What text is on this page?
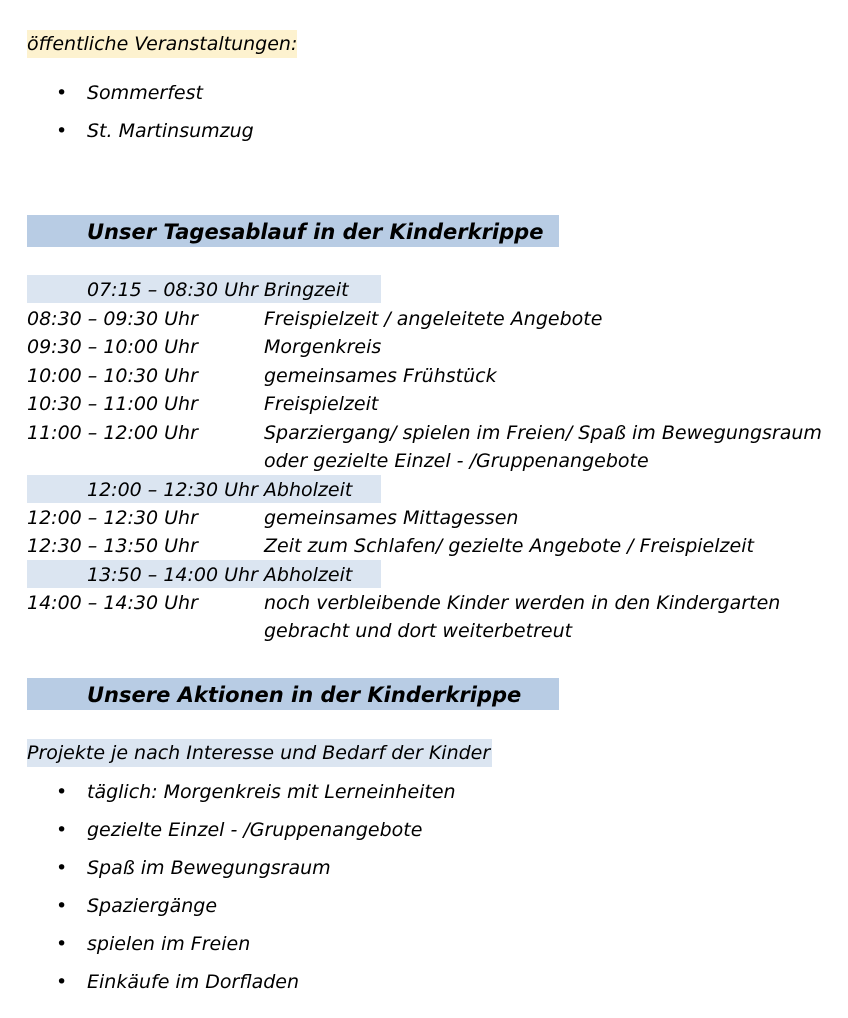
öffentliche Veranstaltungen:
• Sommerfest
• St. Martinsumzug
Unser Tagesablauf in der Kinderkrippe
07:15 – 08:30 Uhr Bringzeit
08:30 – 09:30 Uhr	Freispielzeit / angeleitete Angebote
09:30 – 10:00 Uhr	Morgenkreis
10:00 – 10:30 Uhr	gemeinsames Frühstück
10:30 – 11:00 Uhr	Freispielzeit
11:00 – 12:00 Uhr	Sparziergang/ spielen im Freien/ Spaß im Bewegungsraum
oder gezielte Einzel - /Gruppenangebote
12:00 – 12:30 Uhr Abholzeit
12:00 – 12:30 Uhr	gemeinsames Mittagessen
12:30 – 13:50 Uhr	Zeit zum Schlafen/ gezielte Angebote / Freispielzeit
13:50 – 14:00 Uhr Abholzeit
14:00 – 14:30 Uhr	noch verbleibende Kinder werden in den Kindergarten
gebracht und dort weiterbetreut
Unsere Aktionen in der Kinderkrippe
Projekte je nach Interesse und Bedarf der Kinder
• täglich: Morgenkreis mit Lerneinheiten
• gezielte Einzel - /Gruppenangebote
• Spaß im Bewegungsraum
• Spaziergänge
• spielen im Freien
• Einkäufe im Dorfladen
